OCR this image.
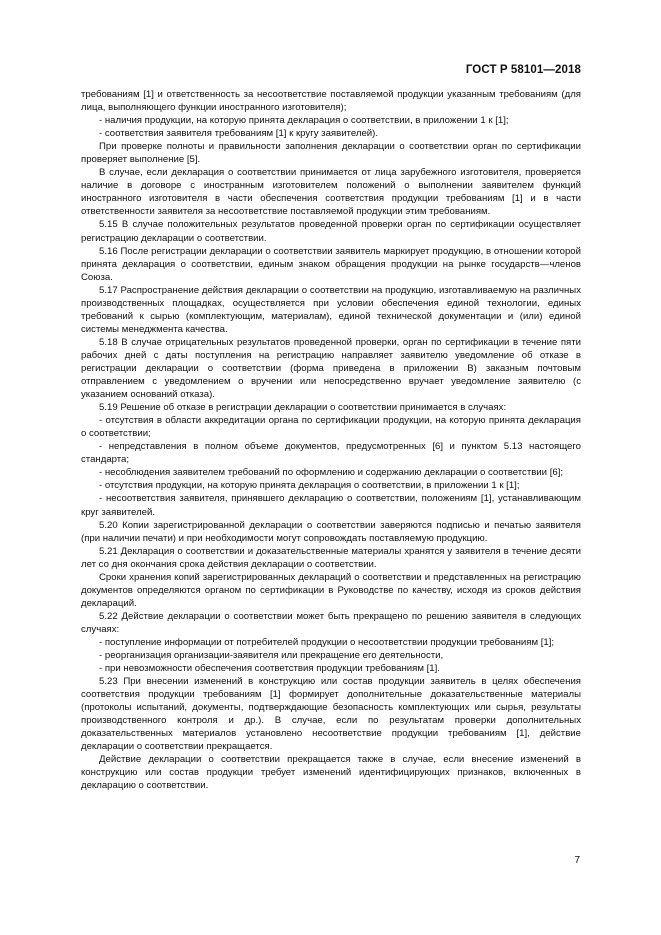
ГОСТ Р 58101—2018

требованиям [1] и ответственность за несоответствие поставляемой продукции указанным требованиям (для лица, выполняющего функции иностранного изготовителя);

- наличия продукции, на которую принята декларация о соответствии, в приложении 1 к [1];

- соответствия заявителя требованиям [1] к кругу заявителей).

При проверке полноты и правильности заполнения декларации о соответствии орган по сертификации проверяет выполнение [5].

В случае, если декларация о соответствии принимается от лица зарубежного изготовителя, проверяется наличие в договоре с иностранным изготовителем положений о выполнении заявителем функций иностранного изготовителя в части обеспечения соответствия продукции требованиям [1] и в части ответственности заявителя за несоответствие поставляемой продукции этим требованиям.

5.15 В случае положительных результатов проведенной проверки орган по сертификации осуществляет регистрацию декларации о соответствии.

5.16 После регистрации декларации о соответствии заявитель маркирует продукцию, в отношении которой принята декларация о соответствии, единым знаком обращения продукции на рынке государств—членов Союза.

5.17 Распространение действия декларации о соответствии на продукцию, изготавливаемую на различных производственных площадках, осуществляется при условии обеспечения единой технологии, единых требований к сырью (комплектующим, материалам), единой технической документации и (или) единой системы менеджмента качества.

5.18 В случае отрицательных результатов проведенной проверки, орган по сертификации в течение пяти рабочих дней с даты поступления на регистрацию направляет заявителю уведомление об отказе в регистрации декларации о соответствии (форма приведена в приложении В) заказным почтовым отправлением с уведомлением о вручении или непосредственно вручает уведомление заявителю (с указанием оснований отказа).

5.19 Решение об отказе в регистрации декларации о соответствии принимается в случаях:

- отсутствия в области аккредитации органа по сертификации продукции, на которую принята декларация о соответствии;

- непредставления в полном объеме документов, предусмотренных [6] и пунктом 5.13 настоящего стандарта;

- несоблюдения заявителем требований по оформлению и содержанию декларации о соответствии [6];

- отсутствия продукции, на которую принята декларация о соответствии, в приложении 1 к [1];

- несоответствия заявителя, принявшего декларацию о соответствии, положениям [1], устанавливающим круг заявителей.

5.20 Копии зарегистрированной декларации о соответствии заверяются подписью и печатью заявителя (при наличии печати) и при необходимости могут сопровождать поставляемую продукцию.

5.21 Декларация о соответствии и доказательственные материалы хранятся у заявителя в течение десяти лет со дня окончания срока действия декларации о соответствии.

Сроки хранения копий зарегистрированных деклараций о соответствии и представленных на регистрацию документов определяются органом по сертификации в Руководстве по качеству, исходя из сроков действия деклараций.

5.22 Действие декларации о соответствии может быть прекращено по решению заявителя в следующих случаях:

- поступление информации от потребителей продукции о несоответствии продукции требованиям [1];

- реорганизация организации-заявителя или прекращение его деятельности,

- при невозможности обеспечения соответствия продукции требованиям [1].

5.23 При внесении изменений в конструкцию или состав продукции заявитель в целях обеспечения соответствия продукции требованиям [1] формирует дополнительные доказательственные материалы (протоколы испытаний, документы, подтверждающие безопасность комплектующих или сырья, результаты производственного контроля и др.). В случае, если по результатам проверки дополнительных доказательственных материалов установлено несоответствие продукции требованиям [1], действие декларации о соответствии прекращается.

Действие декларации о соответствии прекращается также в случае, если внесение изменений в конструкцию или состав продукции требует изменений идентифицирующих признаков, включенных в декларацию о соответствии.

7
